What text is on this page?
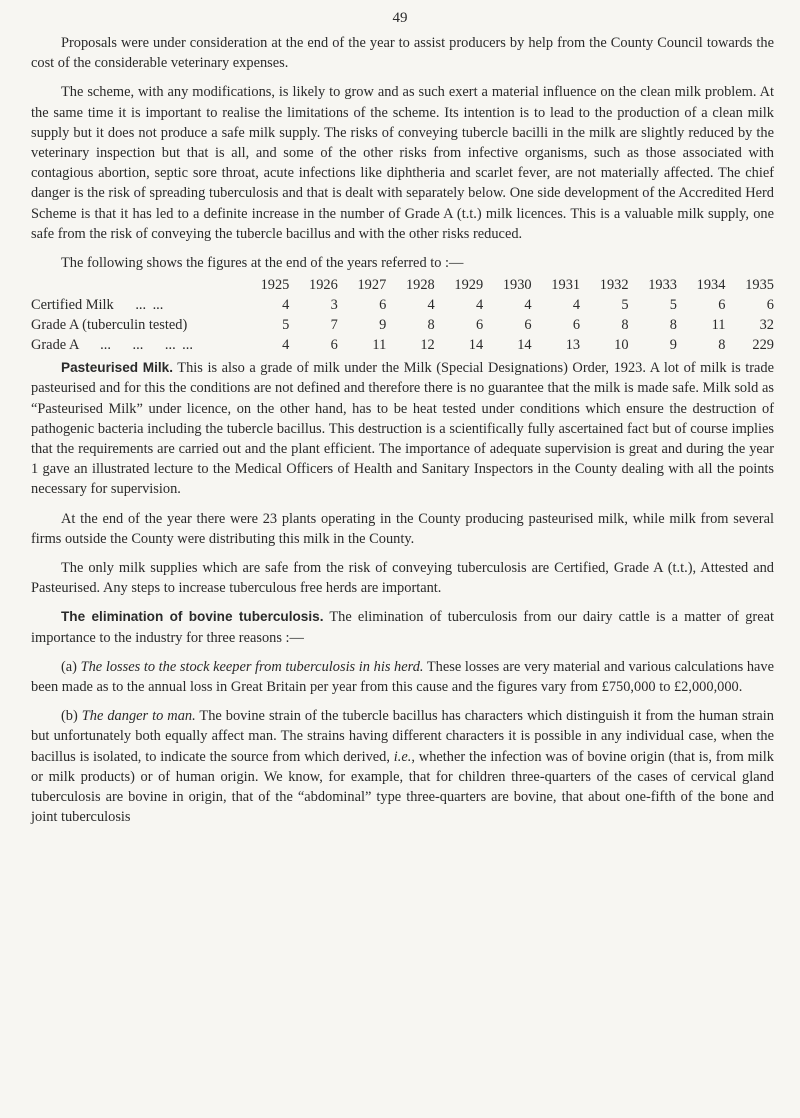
49

Proposals were under consideration at the end of the year to assist producers by help from the County Council towards the cost of the considerable veterinary expenses.

The scheme, with any modifications, is likely to grow and as such exert a material influence on the clean milk problem. At the same time it is important to realise the limitations of the scheme. Its intention is to lead to the production of a clean milk supply but it does not produce a safe milk supply. The risks of conveying tubercle bacilli in the milk are slightly reduced by the veterinary inspection but that is all, and some of the other risks from infective organisms, such as those associated with contagious abortion, septic sore throat, acute infections like diphtheria and scarlet fever, are not materially affected. The chief danger is the risk of spreading tuberculosis and that is dealt with separately below. One side development of the Accredited Herd Scheme is that it has led to a definite increase in the number of Grade A (t.t.) milk licences. This is a valuable milk supply, one safe from the risk of conveying the tubercle bacillus and with the other risks reduced.

The following shows the figures at the end of the years referred to :—

	1925	1926	1927	1928	1929	1930	1931	1932	1933	1934	1935
Certified Milk   ...  ...	4	3	6	4	4	4	4	5	5	6	6
Grade A (tuberculin tested)	5	7	9	8	6	6	6	8	8	11	32
Grade A   ...   ...   ...  ...	4	6	11	12	14	14	13	10	9	8	229

Pasteurised Milk. This is also a grade of milk under the Milk (Special Designations) Order, 1923. A lot of milk is trade pasteurised and for this the conditions are not defined and therefore there is no guarantee that the milk is made safe. Milk sold as “Pasteurised Milk” under licence, on the other hand, has to be heat tested under conditions which ensure the destruction of pathogenic bacteria including the tubercle bacillus. This destruction is a scientifically fully ascertained fact but of course implies that the requirements are carried out and the plant efficient. The importance of adequate supervision is great and during the year 1 gave an illustrated lecture to the Medical Officers of Health and Sanitary Inspectors in the County dealing with all the points necessary for supervision.

At the end of the year there were 23 plants operating in the County producing pasteurised milk, while milk from several firms outside the County were distributing this milk in the County.

The only milk supplies which are safe from the risk of conveying tuberculosis are Certified, Grade A (t.t.), Attested and Pasteurised. Any steps to increase tuberculous free herds are important.

The elimination of bovine tuberculosis. The elimination of tuberculosis from our dairy cattle is a matter of great importance to the industry for three reasons :—

(a) The losses to the stock keeper from tuberculosis in his herd. These losses are very material and various calculations have been made as to the annual loss in Great Britain per year from this cause and the figures vary from £750,000 to £2,000,000.

(b) The danger to man. The bovine strain of the tubercle bacillus has characters which distinguish it from the human strain but unfortunately both equally affect man. The strains having different characters it is possible in any individual case, when the bacillus is isolated, to indicate the source from which derived, i.e., whether the infection was of bovine origin (that is, from milk or milk products) or of human origin. We know, for example, that for children three-quarters of the cases of cervical gland tuberculosis are bovine in origin, that of the “abdominal” type three-quarters are bovine, that about one-fifth of the bone and joint tuberculosis
